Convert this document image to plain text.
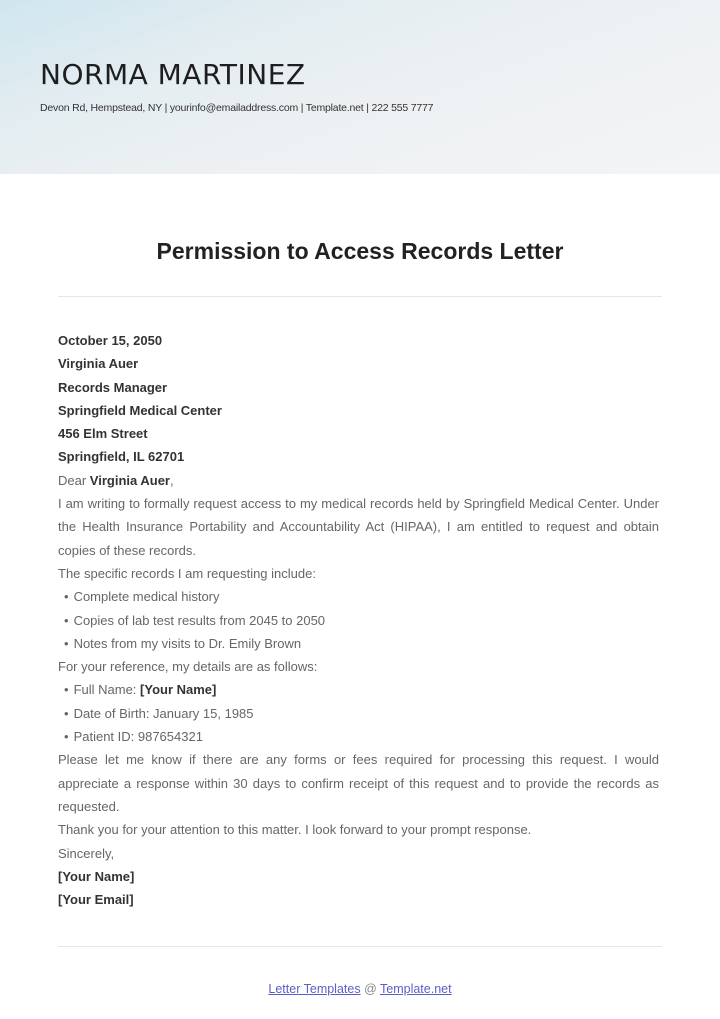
NORMA MARTINEZ
Devon Rd, Hempstead, NY | yourinfo@emailaddress.com | Template.net | 222 555 7777
Permission to Access Records Letter

October 15, 2050

Virginia Auer

Records Manager

Springfield Medical Center

456 Elm Street

Springfield, IL 62701

Dear Virginia Auer,

I am writing to formally request access to my medical records held by Springfield Medical Center. Under the Health Insurance Portability and Accountability Act (HIPAA), I am entitled to request and obtain copies of these records.

The specific records I am requesting include:

• Complete medical history
• Copies of lab test results from 2045 to 2050
• Notes from my visits to Dr. Emily Brown

For your reference, my details are as follows:

• Full Name: [Your Name]
• Date of Birth: January 15, 1985
• Patient ID: 987654321

Please let me know if there are any forms or fees required for processing this request. I would appreciate a response within 30 days to confirm receipt of this request and to provide the records as requested.

Thank you for your attention to this matter. I look forward to your prompt response.

Sincerely,

[Your Name]

[Your Email]

Letter Templates @ Template.net
